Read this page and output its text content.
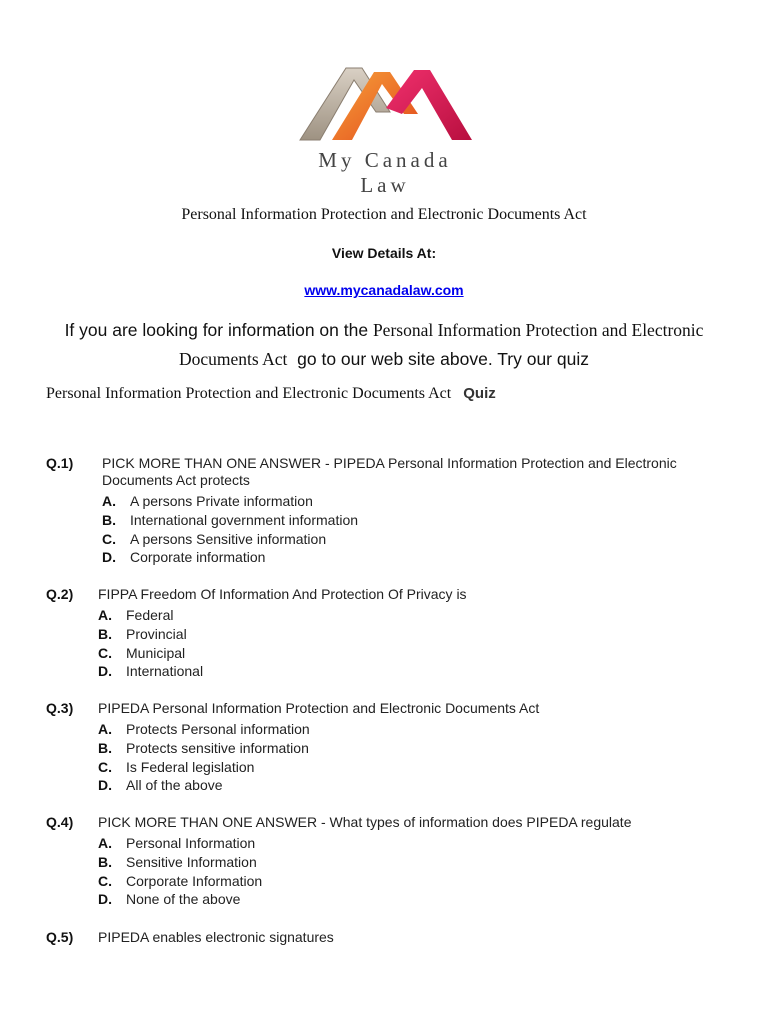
My Canada Law
Personal Information Protection and Electronic Documents Act
View Details At:
www.mycanadalaw.com
If you are looking for information on the Personal Information Protection and Electronic Documents Act go to our web site above. Try our quiz
Personal Information Protection and Electronic Documents Act Quiz
Q.1)	PICK MORE THAN ONE ANSWER - PIPEDA Personal Information Protection and Electronic Documents Act protects
A.	A persons Private information
B.	International government information
C.	A persons Sensitive information
D.	Corporate information
Q.2)	FIPPA Freedom Of Information And Protection Of Privacy is
A.	Federal
B.	Provincial
C.	Municipal
D.	International
Q.3)	PIPEDA Personal Information Protection and Electronic Documents Act
A.	Protects Personal information
B.	Protects sensitive information
C.	Is Federal legislation
D.	All of the above
Q.4)	PICK MORE THAN ONE ANSWER - What types of information does PIPEDA regulate
A.	Personal Information
B.	Sensitive Information
C.	Corporate Information
D.	None of the above
Q.5)	PIPEDA enables electronic signatures
